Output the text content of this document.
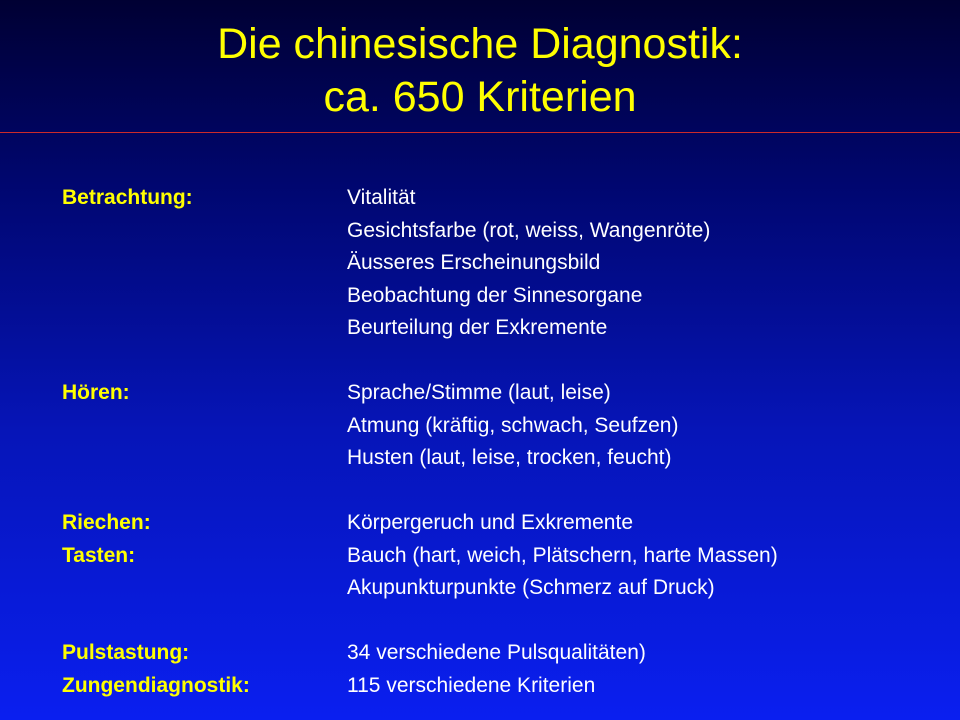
Die chinesische Diagnostik:
ca. 650 Kriterien
Betrachtung:	Vitalität
Gesichtsfarbe (rot, weiss, Wangenröte)
Äusseres Erscheinungsbild
Beobachtung der Sinnesorgane
Beurteilung der Exkremente
Hören:	Sprache/Stimme (laut, leise)
Atmung (kräftig, schwach, Seufzen)
Husten (laut, leise, trocken, feucht)
Riechen:	Körpergeruch und Exkremente
Tasten:	Bauch (hart, weich, Plätschern, harte Massen)
Akupunkturpunkte (Schmerz auf Druck)
Pulstastung:	34 verschiedene Pulsqualitäten)
Zungendiagnostik:	115 verschiedene Kriterien
